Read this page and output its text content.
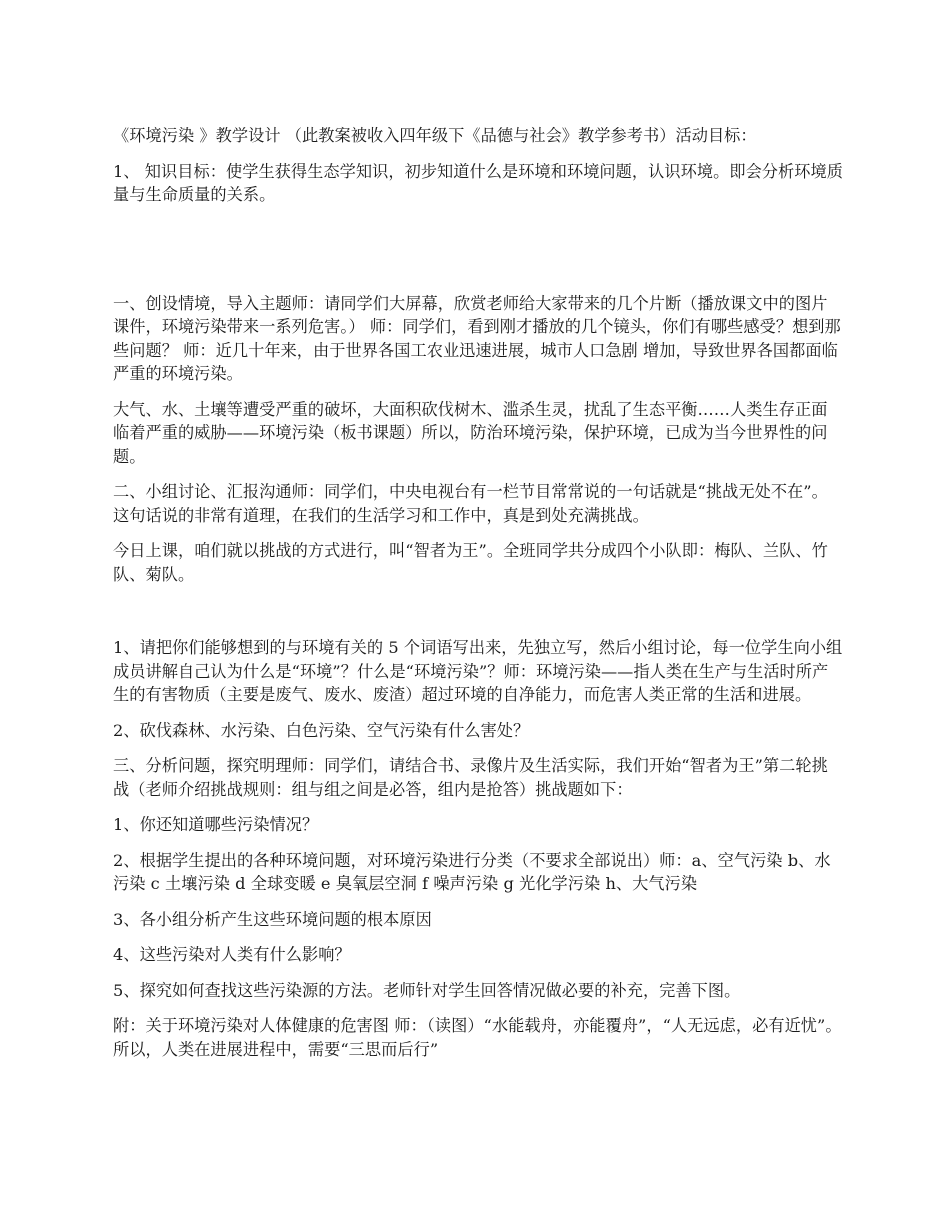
《环境污染 》教学设计 （此教案被收入四年级下《品德与社会》教学参考书）活动目标：

1、 知识目标：使学生获得生态学知识，初步知道什么是环境和环境问题，认识环境。即会分析环境质量与生命质量的关系。

一、创设情境，导入主题师：请同学们大屏幕，欣赏老师给大家带来的几个片断（播放课文中的图片课件，环境污染带来一系列危害。） 师：同学们，看到刚才播放的几个镜头，你们有哪些感受？想到那些问题？ 师：近几十年来，由于世界各国工农业迅速进展，城市人口急剧 增加，导致世界各国都面临严重的环境污染。

大气、水、土壤等遭受严重的破坏，大面积砍伐树木、滥杀生灵，扰乱了生态平衡……人类生存正面临着严重的威胁——环境污染（板书课题）所以，防治环境污染，保护环境，已成为当今世界性的问题。

二、小组讨论、汇报沟通师：同学们，中央电视台有一栏节目常常说的一句话就是“挑战无处不在”。这句话说的非常有道理，在我们的生活学习和工作中，真是到处充满挑战。

今日上课，咱们就以挑战的方式进行，叫“智者为王”。全班同学共分成四个小队即：梅队、兰队、竹队、菊队。

1、请把你们能够想到的与环境有关的 5 个词语写出来，先独立写，然后小组讨论，每一位学生向小组成员讲解自己认为什么是“环境”？什么是“环境污染”？师：环境污染——指人类在生产与生活时所产生的有害物质（主要是废气、废水、废渣）超过环境的自净能力，而危害人类正常的生活和进展。

2、砍伐森林、水污染、白色污染、空气污染有什么害处？

三、分析问题，探究明理师：同学们，请结合书、录像片及生活实际，我们开始“智者为王”第二轮挑战（老师介绍挑战规则：组与组之间是必答，组内是抢答）挑战题如下：

1、你还知道哪些污染情况？

2、根据学生提出的各种环境问题，对环境污染进行分类（不要求全部说出）师：a、空气污染 b、水污染 c 土壤污染 d 全球变暖 e 臭氧层空洞 f 噪声污染 g 光化学污染 h、大气污染

3、各小组分析产生这些环境问题的根本原因

4、这些污染对人类有什么影响？

5、探究如何查找这些污染源的方法。老师针对学生回答情况做必要的补充，完善下图。

附：关于环境污染对人体健康的危害图 师：（读图）“水能载舟，亦能覆舟”，“人无远虑，必有近忧”。所以，人类在进展进程中，需要“三思而后行”
